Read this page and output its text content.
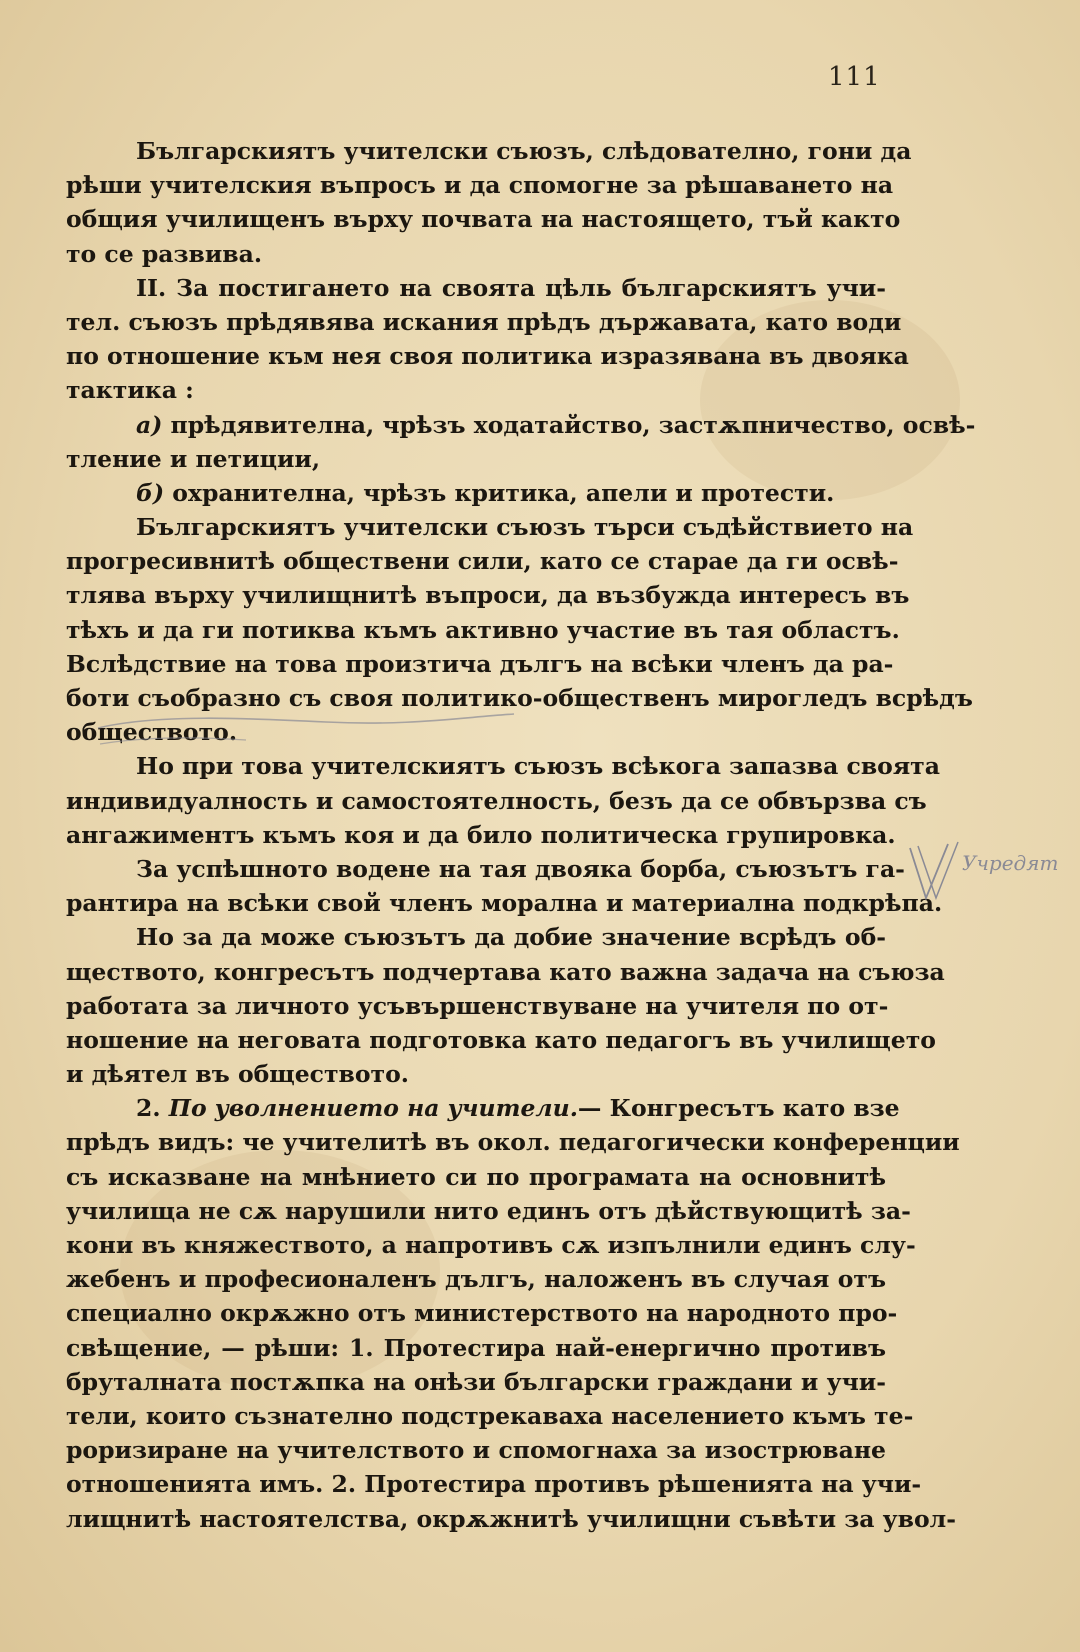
111
Българскиятъ учителски съюзъ, слѣдователно, гони да
рѣши учителския въпросъ и да спомогне за рѣшаването на
общия училищенъ върху почвата на настоящето, тъй както
то се развива.
II. За постигането на своята цѣль българскиятъ учи-
тел. съюзъ прѣдявява искания прѣдъ държавата, като води
по отношение към нея своя политика изразявана въ двояка
тактика :
а) прѣдявителна, чрѣзъ ходатайство, застѫпничество, освѣ-
тление и петиции,
б) охранителна, чрѣзъ критика, апели и протести.
Българскиятъ учителски съюзъ търси съдѣйствието на
прогресивнитѣ обществени сили, като се старае да ги освѣ-
тлява върху училищнитѣ въпроси, да възбужда интересъ въ
тѣхъ и да ги потиква къмъ активно участие въ тая областъ.
Вслѣдствие на това произтича дългъ на всѣки членъ да ра-
боти съобразно съ своя политико-общественъ мирогледъ всрѣдъ
обществото.
Но при това учителскиятъ съюзъ всѣкога запазва своята
индивидуалность и самостоятелность, безъ да се обвързва съ
ангажиментъ къмъ коя и да било политическа групировка.
За успѣшното водене на тая двояка борба, съюзътъ га-
рантира на всѣки свой членъ морална и материална подкрѣпа.
Но за да може съюзътъ да добие значение всрѣдъ об-
ществото, конгресътъ подчертава като важна задача на съюза
работата за личното усъвършенствуване на учителя по от-
ношение на неговата подготовка като педагогъ въ училището
и дѣятел въ обществото.
2. По уволнението на учители.— Конгресътъ като взе
прѣдъ видъ: че учителитѣ въ окол. педагогически конференции
съ исказване на мнѣнието си по програмата на основнитѣ
училища не сѫ нарушили нито единъ отъ дѣйствующитѣ за-
кони въ княжеството, а напротивъ сѫ изпълнили единъ слу-
жебенъ и професионаленъ дългъ, наложенъ въ случая отъ
специално окрѫжно отъ министерството на народното про-
свѣщение, — рѣши: 1. Протестира най-енергично противъ
бруталната постѫпка на онѣзи български граждани и учи-
тели, които съзнателно подстрекаваха населението къмъ те-
роризиране на учителството и спомогнаха за изострюване
отношенията имъ. 2. Протестира противъ рѣшенията на учи-
лищнитѣ настоятелства, окрѫжнитѣ училищни съвѣти за увол-
Учредят
